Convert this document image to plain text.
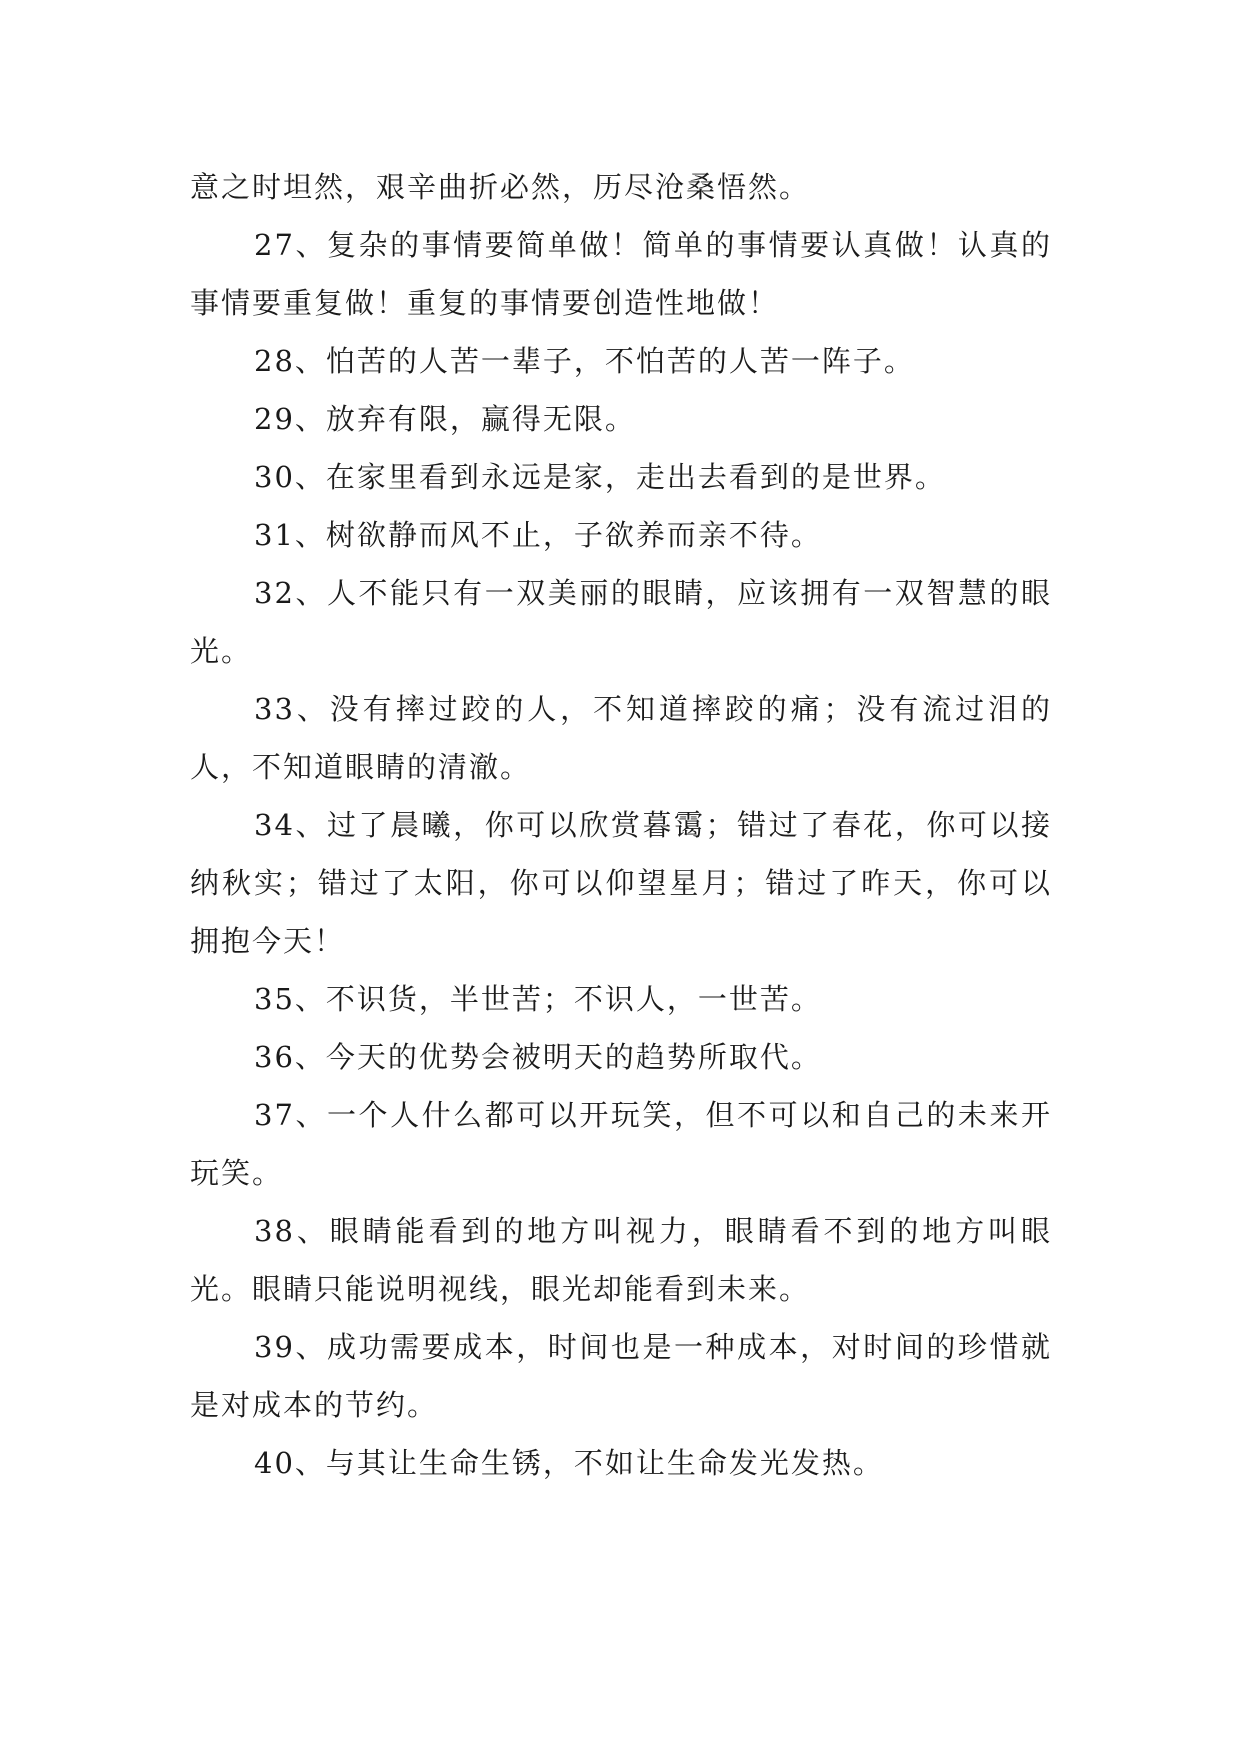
意之时坦然，艰辛曲折必然，历尽沧桑悟然。

27、复杂的事情要简单做！简单的事情要认真做！认真的事情要重复做！重复的事情要创造性地做！

28、怕苦的人苦一辈子，不怕苦的人苦一阵子。

29、放弃有限，赢得无限。

30、在家里看到永远是家，走出去看到的是世界。

31、树欲静而风不止，子欲养而亲不待。

32、人不能只有一双美丽的眼睛，应该拥有一双智慧的眼光。

33、没有摔过跤的人，不知道摔跤的痛；没有流过泪的人，不知道眼睛的清澈。

34、过了晨曦，你可以欣赏暮霭；错过了春花，你可以接纳秋实；错过了太阳，你可以仰望星月；错过了昨天，你可以拥抱今天！

35、不识货，半世苦；不识人，一世苦。

36、今天的优势会被明天的趋势所取代。

37、一个人什么都可以开玩笑，但不可以和自己的未来开玩笑。

38、眼睛能看到的地方叫视力，眼睛看不到的地方叫眼光。眼睛只能说明视线，眼光却能看到未来。

39、成功需要成本，时间也是一种成本，对时间的珍惜就是对成本的节约。

40、与其让生命生锈，不如让生命发光发热。
